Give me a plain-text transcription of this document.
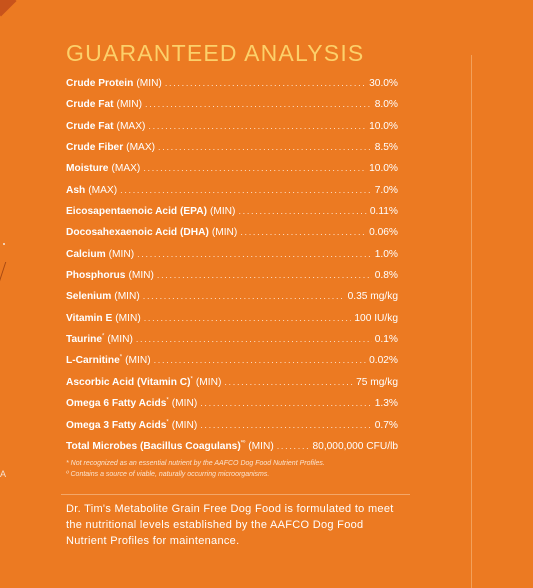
A
GUARANTEED ANALYSIS
Crude Protein (MIN) . . .	30.0%
Crude Fat (MIN) . . .	8.0%
Crude Fat (MAX) . . .	10.0%
Crude Fiber (MAX) . . .	8.5%
Moisture (MAX) . . .	10.0%
Ash (MAX) . . .	7.0%
Eicosapentaenoic Acid (EPA) (MIN) . . .	0.11%
Docosahexaenoic Acid (DHA) (MIN) . . .	0.06%
Calcium (MIN) . . .	1.0%
Phosphorus (MIN) . . .	0.8%
Selenium (MIN) . . .	0.35 mg/kg
Vitamin E (MIN) . . .	100 IU/kg
Taurine* (MIN) . . .	0.1%
L-Carnitine* (MIN) . . .	0.02%
Ascorbic Acid (Vitamin C)* (MIN) . . .	75 mg/kg
Omega 6 Fatty Acids* (MIN) . . .	1.3%
Omega 3 Fatty Acids* (MIN) . . .	0.7%
Total Microbes (Bacillus Coagulans)$^{*º}$ (MIN) . . .	80,000,000 CFU/lb
* Not recognized as an essential nutrient by the AAFCO Dog Food Nutrient Profiles.
º Contains a source of viable, naturally occurring microorganisms.
Dr. Tim's Metabolite Grain Free Dog Food is formulated to meet the nutritional levels established by the AAFCO Dog Food Nutrient Profiles for maintenance.
